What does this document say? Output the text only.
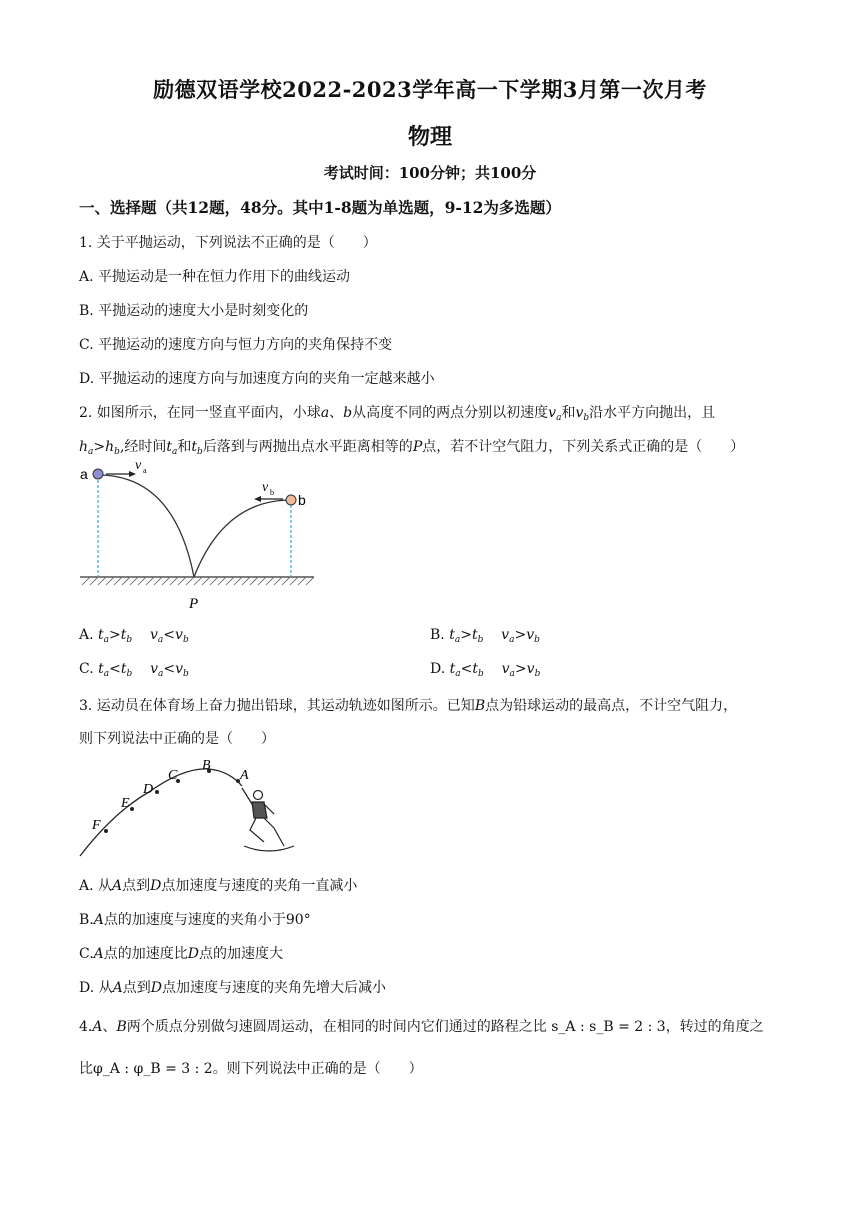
励德双语学校2022-2023学年高一下学期3月第一次月考
物理
考试时间：100分钟；共100分
一、选择题（共12题，48分。其中1-8题为单选题，9-12为多选题）
1. 关于平抛运动，下列说法不正确的是（　　）
A. 平抛运动是一种在恒力作用下的曲线运动
B. 平抛运动的速度大小是时刻变化的
C. 平抛运动的速度方向与恒力方向的夹角保持不变
D. 平抛运动的速度方向与加速度方向的夹角一定越来越小
2. 如图所示，在同一竖直平面内，小球a、b从高度不同的两点分别以初速度$v_a$和$v_b$沿水平方向抛出，且
$h_a>h_b$,经时间$t_a$和$t_b$后落到与两抛出点水平距离相等的P点，若不计空气阻力，下列关系式正确的是（　　）
a
v a
b
v b
P
A. $t_a>t_b$ $v_a<v_b$	B. $t_a>t_b$ $v_a>v_b$
C. $t_a<t_b$ $v_a<v_b$	D. $t_a<t_b$ $v_a>v_b$
3. 运动员在体育场上奋力抛出铅球，其运动轨迹如图所示。已知B点为铅球运动的最高点，不计空气阻力，
则下列说法中正确的是（　　）
F
E
D
C
B
A
A. 从A点到D点加速度与速度的夹角一直减小
B.A点的加速度与速度的夹角小于90°
C.A点的加速度比D点的加速度大
D. 从A点到D点加速度与速度的夹角先增大后减小
4.A、B两个质点分别做匀速圆周运动，在相同的时间内它们通过的路程之比 s_A : s_B = 2 : 3，转过的角度之
比φ_A : φ_B = 3 : 2。则下列说法中正确的是（　　）
